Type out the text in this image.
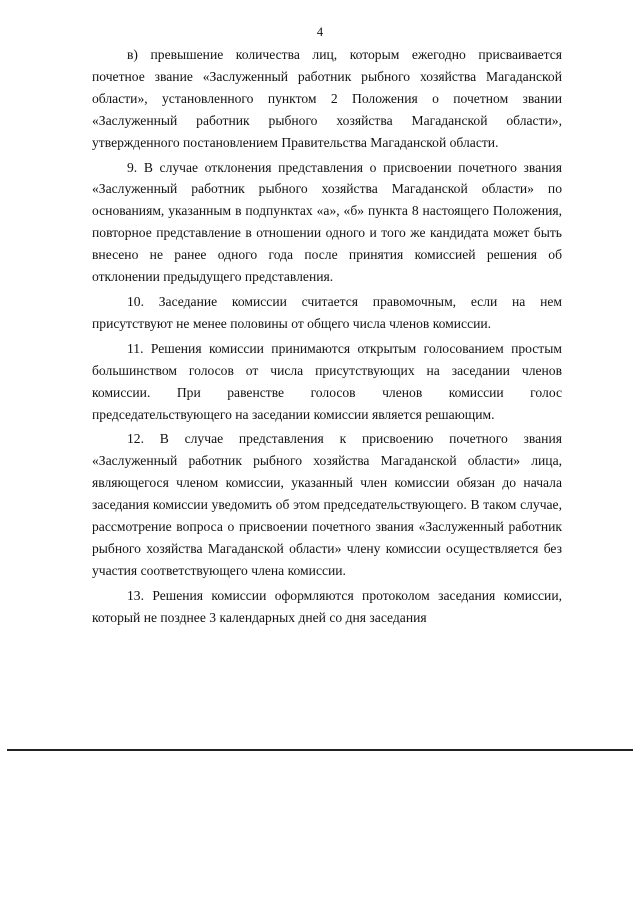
4

в) превышение количества лиц, которым ежегодно присваивается почетное звание «Заслуженный работник рыбного хозяйства Магаданской области», установленного пунктом 2 Положения о почетном звании «Заслуженный работник рыбного хозяйства Магаданской области», утвержденного постановлением Правительства Магаданской области.

9. В случае отклонения представления о присвоении почетного звания «Заслуженный работник рыбного хозяйства Магаданской области» по основаниям, указанным в подпунктах «а», «б» пункта 8 настоящего Положения, повторное представление в отношении одного и того же кандидата может быть внесено не ранее одного года после принятия комиссией решения об отклонении предыдущего представления.

10. Заседание комиссии считается правомочным, если на нем присутствуют не менее половины от общего числа членов комиссии.

11. Решения комиссии принимаются открытым голосованием простым большинством голосов от числа присутствующих на заседании членов комиссии. При равенстве голосов членов комиссии голос председательствующего на заседании комиссии является решающим.

12. В случае представления к присвоению почетного звания «Заслуженный работник рыбного хозяйства Магаданской области» лица, являющегося членом комиссии, указанный член комиссии обязан до начала заседания комиссии уведомить об этом председательствующего. В таком случае, рассмотрение вопроса о присвоении почетного звания «Заслуженный работник рыбного хозяйства Магаданской области» члену комиссии осуществляется без участия соответствующего члена комиссии.

13. Решения комиссии оформляются протоколом заседания комиссии, который не позднее 3 календарных дней со дня заседания
